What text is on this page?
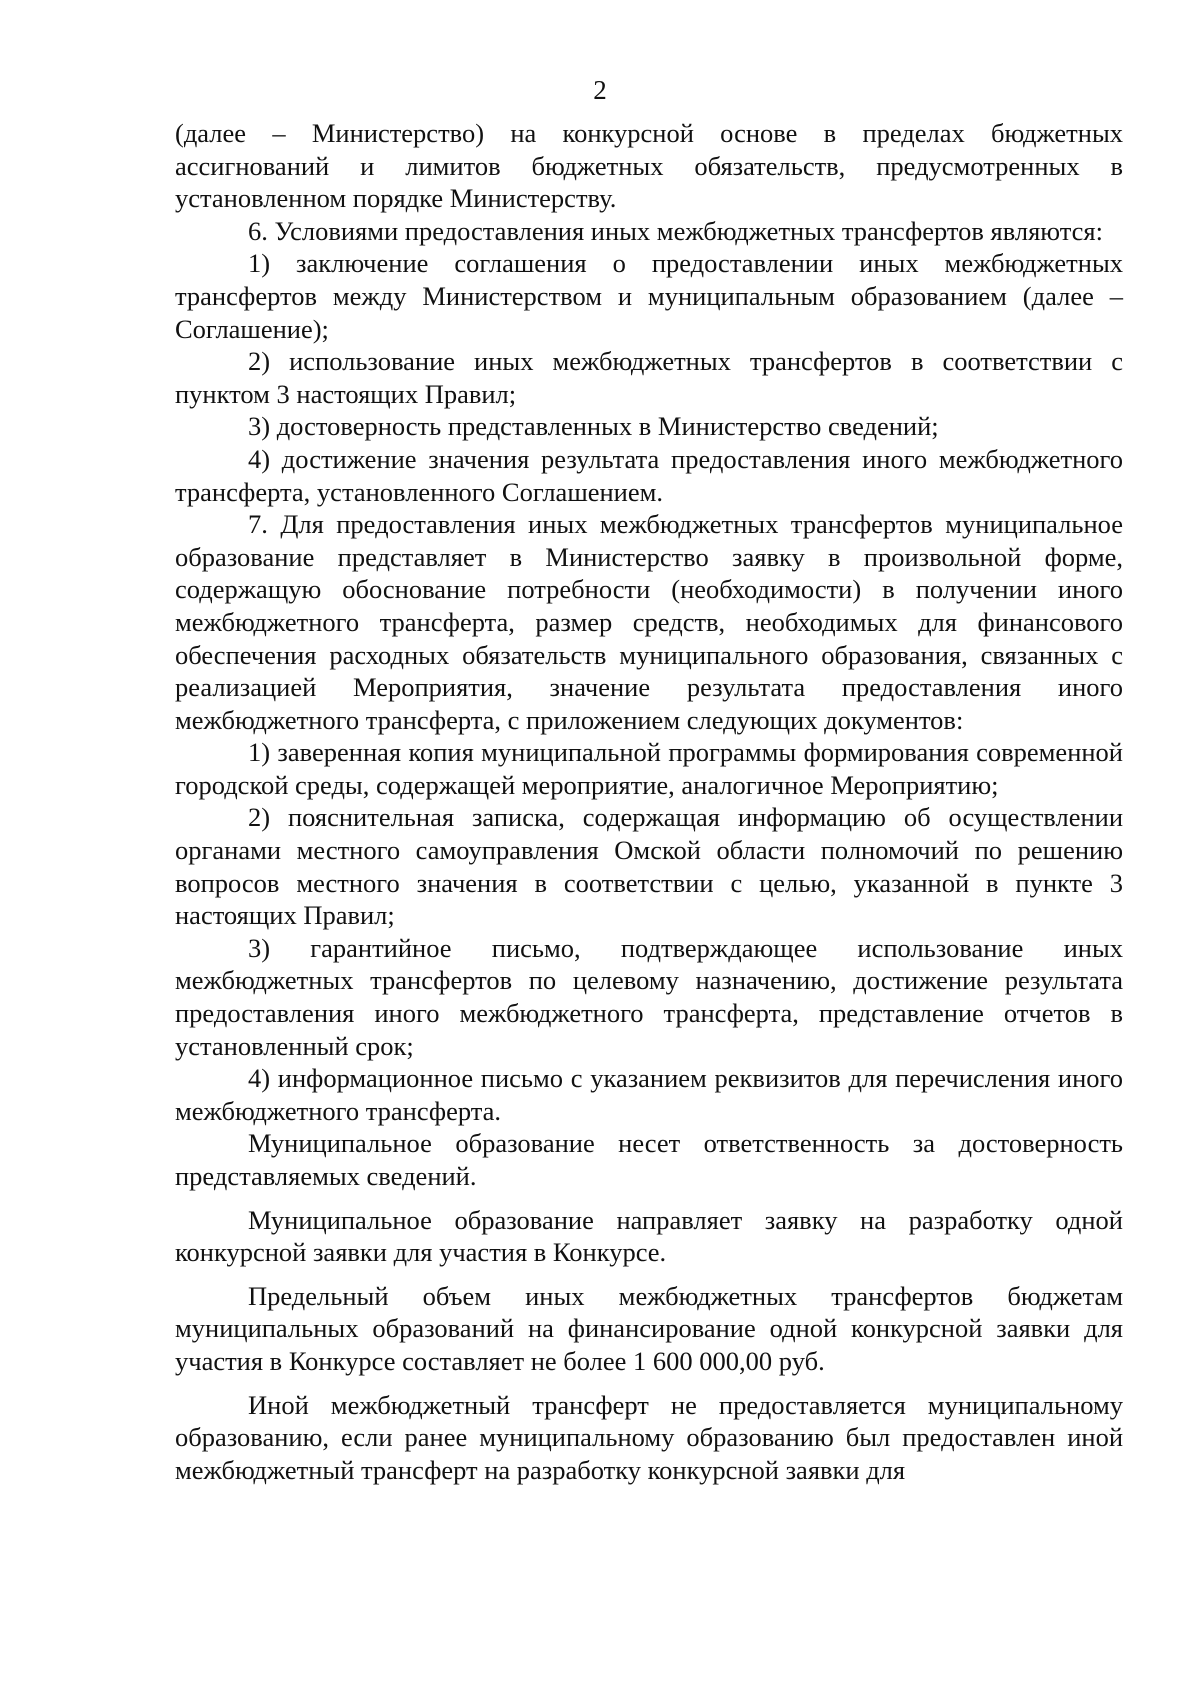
2

(далее – Министерство) на конкурсной основе в пределах бюджетных ассигнований и лимитов бюджетных обязательств, предусмотренных в установленном порядке Министерству.

6. Условиями предоставления иных межбюджетных трансфертов являются:

1) заключение соглашения о предоставлении иных межбюджетных трансфертов между Министерством и муниципальным образованием (далее – Соглашение);

2) использование иных межбюджетных трансфертов в соответствии с пунктом 3 настоящих Правил;

3) достоверность представленных в Министерство сведений;

4) достижение значения результата предоставления иного межбюджетного трансферта, установленного Соглашением.

7. Для предоставления иных межбюджетных трансфертов муниципальное образование представляет в Министерство заявку в произвольной форме, содержащую обоснование потребности (необходимости) в получении иного межбюджетного трансферта, размер средств, необходимых для финансового обеспечения расходных обязательств муниципального образования, связанных с реализацией Мероприятия, значение результата предоставления иного межбюджетного трансферта, с приложением следующих документов:

1) заверенная копия муниципальной программы формирования современной городской среды, содержащей мероприятие, аналогичное Мероприятию;

2) пояснительная записка, содержащая информацию об осуществлении органами местного самоуправления Омской области полномочий по решению вопросов местного значения в соответствии с целью, указанной в пункте 3 настоящих Правил;

3) гарантийное письмо, подтверждающее использование иных межбюджетных трансфертов по целевому назначению, достижение результата предоставления иного межбюджетного трансферта, представление отчетов в установленный срок;

4) информационное письмо с указанием реквизитов для перечисления иного межбюджетного трансферта.

Муниципальное образование несет ответственность за достоверность представляемых сведений.

Муниципальное образование направляет заявку на разработку одной конкурсной заявки для участия в Конкурсе.

Предельный объем иных межбюджетных трансфертов бюджетам муниципальных образований на финансирование одной конкурсной заявки для участия в Конкурсе составляет не более 1 600 000,00 руб.

Иной межбюджетный трансферт не предоставляется муниципальному образованию, если ранее муниципальному образованию был предоставлен иной межбюджетный трансферт на разработку конкурсной заявки для
